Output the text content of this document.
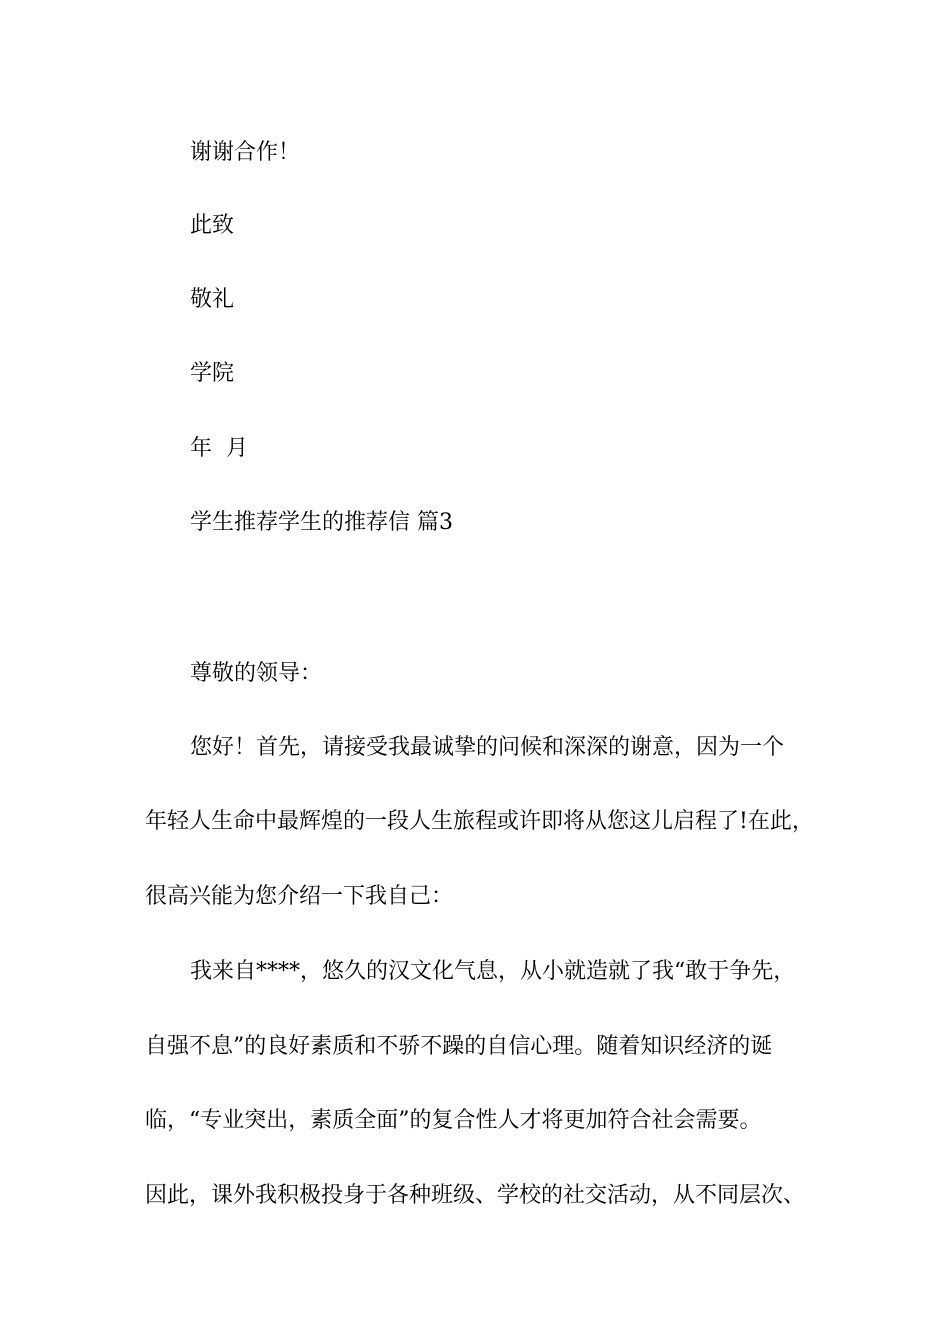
谢谢合作！

此致

敬礼

学院

年  月

学生推荐学生的推荐信 篇3

尊敬的领导：

您好！首先，请接受我最诚挚的问候和深深的谢意，因为一个

年轻人生命中最辉煌的一段人生旅程或许即将从您这儿启程了!在此，

很高兴能为您介绍一下我自己：

我来自****，悠久的汉文化气息，从小就造就了我“敢于争先，

自强不息”的良好素质和不骄不躁的自信心理。随着知识经济的诞

临，“专业突出，素质全面”的复合性人才将更加符合社会需要。

因此，课外我积极投身于各种班级、学校的社交活动，从不同层次、
